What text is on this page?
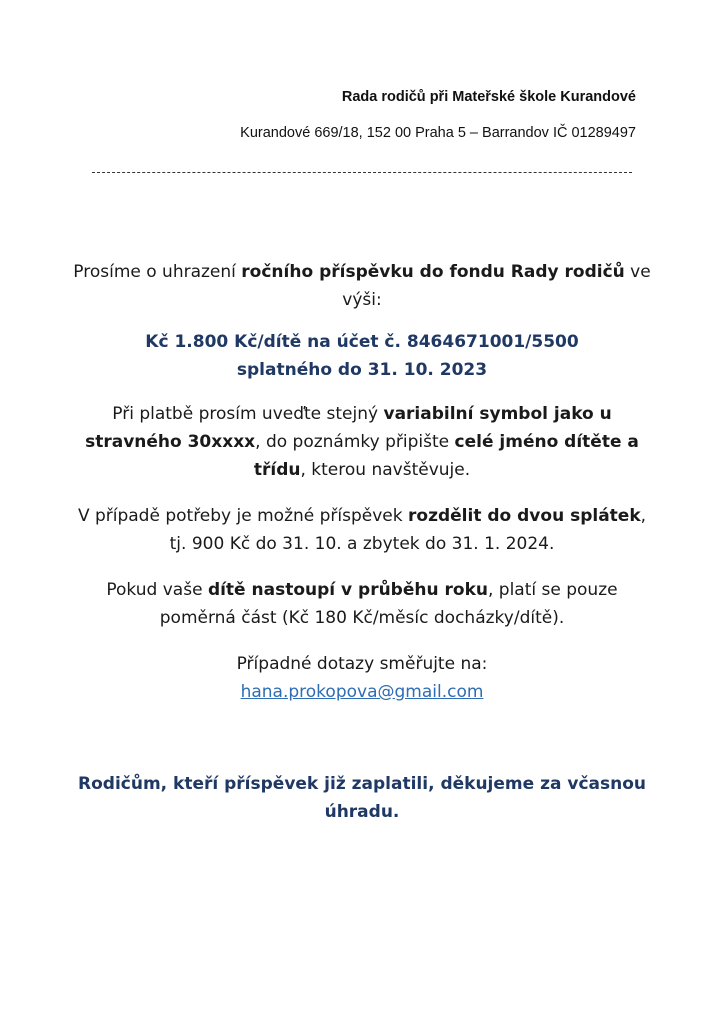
Rada rodičů při Mateřské škole Kurandové
Kurandové 669/18, 152 00 Praha 5 – Barrandov IČ 01289497

Prosíme o uhrazení ročního příspěvku do fondu Rady rodičů ve výši:

Kč 1.800 Kč/dítě na účet č. 8464671001/5500
splatného do 31. 10. 2023

Při platbě prosím uveďte stejný variabilní symbol jako u stravného 30xxxx, do poznámky připište celé jméno dítěte a třídu, kterou navštěvuje.

V případě potřeby je možné příspěvek rozdělit do dvou splátek, tj. 900 Kč do 31. 10. a zbytek do 31. 1. 2024.

Pokud vaše dítě nastoupí v průběhu roku, platí se pouze poměrná část (Kč 180 Kč/měsíc docházky/dítě).

Případné dotazy směřujte na:
hana.prokopova@gmail.com

Rodičům, kteří příspěvek již zaplatili, děkujeme za včasnou úhradu.
